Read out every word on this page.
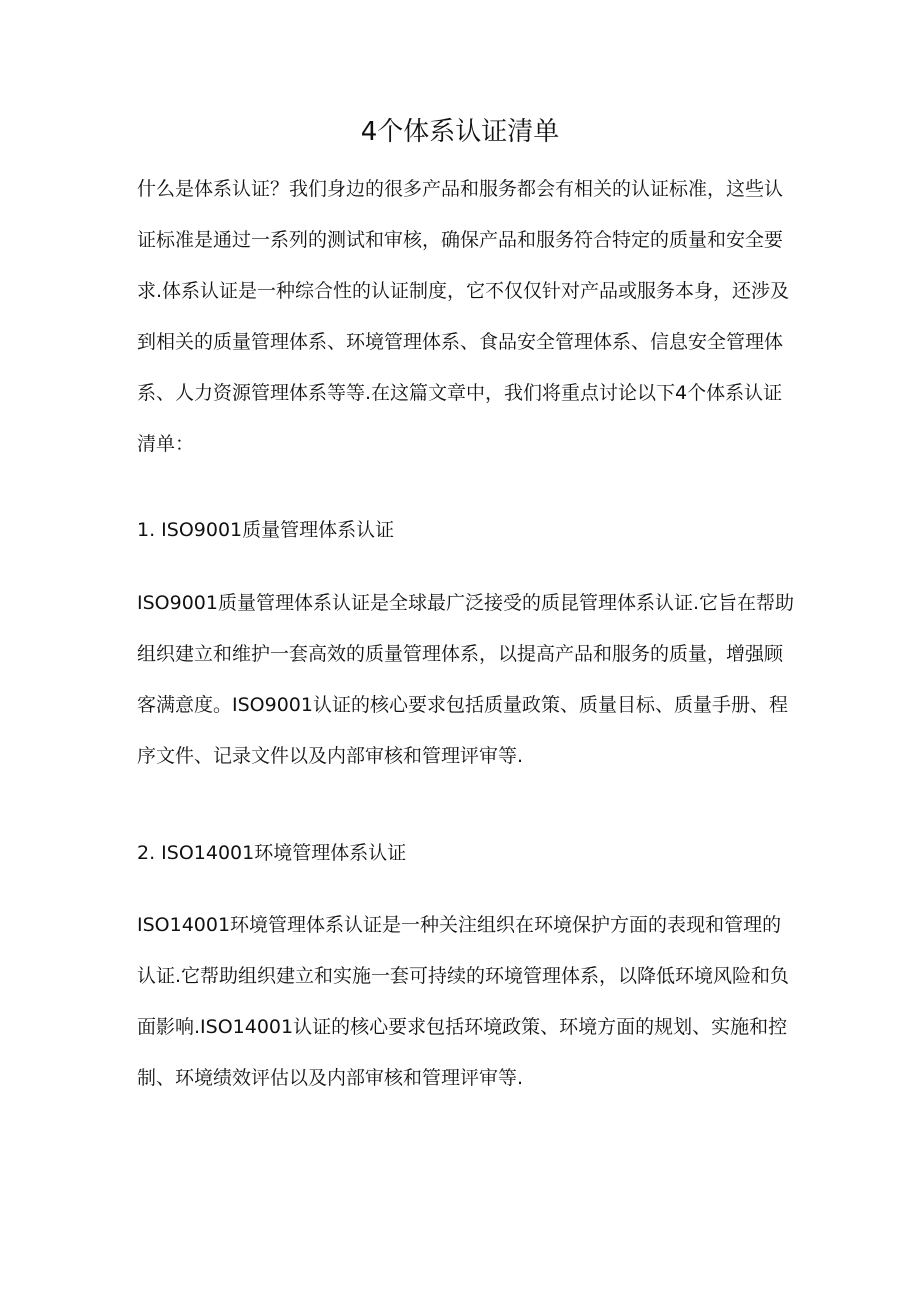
4个体系认证清单

什么是体系认证？我们身边的很多产品和服务都会有相关的认证标准，这些认证标准是通过一系列的测试和审核，确保产品和服务符合特定的质量和安全要求.体系认证是一种综合性的认证制度，它不仅仅针对产品或服务本身，还涉及到相关的质量管理体系、环境管理体系、食品安全管理体系、信息安全管理体系、人力资源管理体系等等.在这篇文章中，我们将重点讨论以下4个体系认证清单：

1. ISO9001质量管理体系认证

ISO9001质量管理体系认证是全球最广泛接受的质昆管理体系认证.它旨在帮助组织建立和维护一套高效的质量管理体系，以提高产品和服务的质量，增强顾客满意度。ISO9001认证的核心要求包括质量政策、质量目标、质量手册、程序文件、记录文件以及内部审核和管理评审等.

2. ISO14001环境管理体系认证

ISO14001环境管理体系认证是一种关注组织在环境保护方面的表现和管理的认证.它帮助组织建立和实施一套可持续的环境管理体系，以降低环境风险和负面影响.ISO14001认证的核心要求包括环境政策、环境方面的规划、实施和控制、环境绩效评估以及内部审核和管理评审等.
